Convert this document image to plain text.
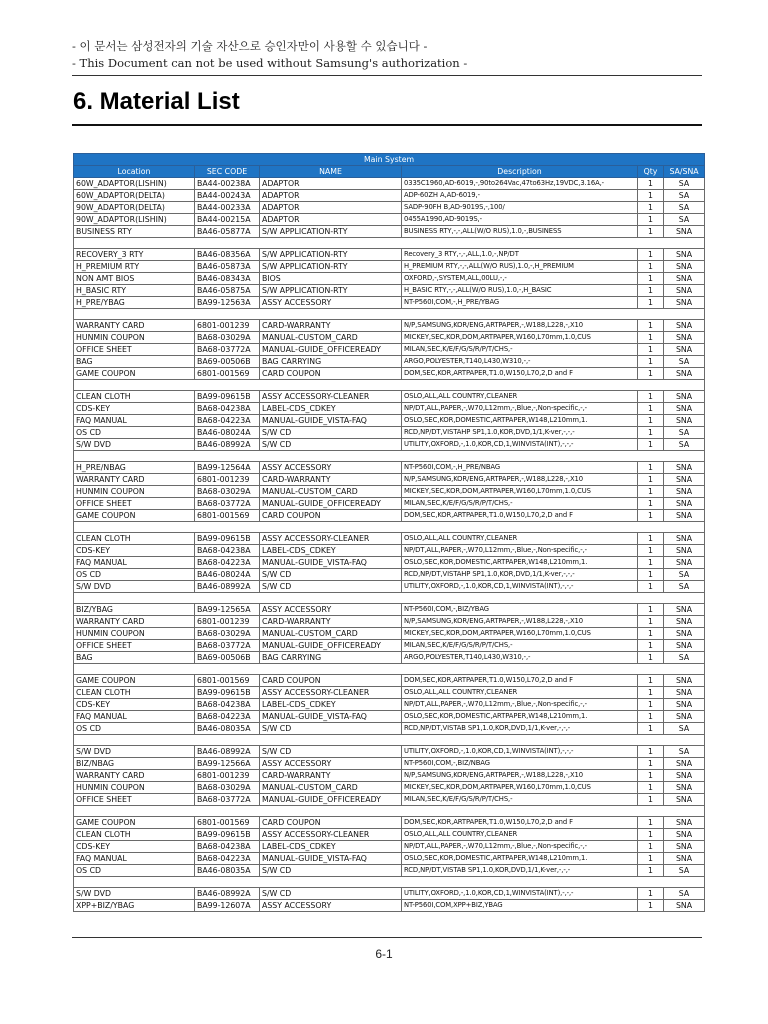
- 이 문서는 삼성전자의 기술 자산으로 승인자만이 사용할 수 있습니다 -
- This Document can not be used without Samsung's authorization -
6. Material List
Main System					
Location	SEC CODE	NAME	Description	Qty	SA/SNA
60W_ADAPTOR(LISHIN)	BA44-00238A	ADAPTOR	0335C1960,AD-6019,-,90to264Vac,47to63Hz,19VDC,3.16A,-	1	SA
60W_ADAPTOR(DELTA)	BA44-00243A	ADAPTOR	ADP-60ZH A,AD-6019,-	1	SA
90W_ADAPTOR(DELTA)	BA44-00233A	ADAPTOR	SADP-90FH B,AD-9019S,-,100/	1	SA
90W_ADAPTOR(LISHIN)	BA44-00215A	ADAPTOR	0455A1990,AD-9019S,-	1	SA
BUSINESS RTY	BA46-05877A	S/W APPLICATION-RTY	BUSINESS RTY,-,-,ALL(W/O RUS),1.0,-,BUSINESS	1	SNA

RECOVERY_3 RTY	BA46-08356A	S/W APPLICATION-RTY	Recovery_3 RTY,-,-,ALL,1.0,-,NP/DT	1	SNA
H_PREMIUM RTY	BA46-05873A	S/W APPLICATION-RTY	H_PREMIUM RTY,-,-,ALL(W/O RUS),1.0,-,H_PREMIUM	1	SNA
NON AMT BIOS	BA46-08343A	BIOS	OXFORD,-,SYSTEM,ALL,00LU,-,-	1	SNA
H_BASIC RTY	BA46-05875A	S/W APPLICATION-RTY	H_BASIC RTY,-,-,ALL(W/O RUS),1.0,-,H_BASIC	1	SNA
H_PRE/YBAG	BA99-12563A	ASSY ACCESSORY	NT-P560I,COM,-,H_PRE/YBAG	1	SNA

WARRANTY CARD	6801-001239	CARD-WARRANTY	N/P,SAMSUNG,KOR/ENG,ARTPAPER,-,W188,L228,-,X10	1	SNA
HUNMIN COUPON	BA68-03029A	MANUAL-CUSTOM_CARD	MICKEY,SEC,KOR,DOM,ARTPAPER,W160,L70mm,1.0,CUS	1	SNA
OFFICE SHEET	BA68-03772A	MANUAL-GUIDE_OFFICEREADY	MILAN,SEC,K/E/F/G/S/R/P/T/CHS,-	1	SNA
BAG	BA69-00506B	BAG CARRYING	ARGO,POLYESTER,T140,L430,W310,-,-	1	SA
GAME COUPON	6801-001569	CARD COUPON	DOM,SEC,KOR,ARTPAPER,T1.0,W150,L70,2,D and F	1	SNA

CLEAN CLOTH	BA99-09615B	ASSY ACCESSORY-CLEANER	OSLO,ALL,ALL COUNTRY,CLEANER	1	SNA
CDS-KEY	BA68-04238A	LABEL-CDS_CDKEY	NP/DT,ALL,PAPER,-,W70,L12mm,-,Blue,-,Non-specific,-,-	1	SNA
FAQ MANUAL	BA68-04223A	MANUAL-GUIDE_VISTA-FAQ	OSLO,SEC,KOR,DOMESTIC,ARTPAPER,W148,L210mm,1.	1	SNA
OS CD	BA46-08024A	S/W CD	RCD,NP/DT,VISTAHP SP1,1.0,KOR,DVD,1/1,K-ver,-,-,-	1	SA
S/W DVD	BA46-08992A	S/W CD	UTILITY,OXFORD,-,1.0,KOR,CD,1,WINVISTA(INT),-,-,-	1	SA

H_PRE/NBAG	BA99-12564A	ASSY ACCESSORY	NT-P560I,COM,-,H_PRE/NBAG	1	SNA
WARRANTY CARD	6801-001239	CARD-WARRANTY	N/P,SAMSUNG,KOR/ENG,ARTPAPER,-,W188,L228,-,X10	1	SNA
HUNMIN COUPON	BA68-03029A	MANUAL-CUSTOM_CARD	MICKEY,SEC,KOR,DOM,ARTPAPER,W160,L70mm,1.0,CUS	1	SNA
OFFICE SHEET	BA68-03772A	MANUAL-GUIDE_OFFICEREADY	MILAN,SEC,K/E/F/G/S/R/P/T/CHS,-	1	SNA
GAME COUPON	6801-001569	CARD COUPON	DOM,SEC,KOR,ARTPAPER,T1.0,W150,L70,2,D and F	1	SNA

CLEAN CLOTH	BA99-09615B	ASSY ACCESSORY-CLEANER	OSLO,ALL,ALL COUNTRY,CLEANER	1	SNA
CDS-KEY	BA68-04238A	LABEL-CDS_CDKEY	NP/DT,ALL,PAPER,-,W70,L12mm,-,Blue,-,Non-specific,-,-	1	SNA
FAQ MANUAL	BA68-04223A	MANUAL-GUIDE_VISTA-FAQ	OSLO,SEC,KOR,DOMESTIC,ARTPAPER,W148,L210mm,1.	1	SNA
OS CD	BA46-08024A	S/W CD	RCD,NP/DT,VISTAHP SP1,1.0,KOR,DVD,1/1,K-ver,-,-,-	1	SA
S/W DVD	BA46-08992A	S/W CD	UTILITY,OXFORD,-,1.0,KOR,CD,1,WINVISTA(INT),-,-,-	1	SA

BIZ/YBAG	BA99-12565A	ASSY ACCESSORY	NT-P560I,COM,-,BIZ/YBAG	1	SNA
WARRANTY CARD	6801-001239	CARD-WARRANTY	N/P,SAMSUNG,KOR/ENG,ARTPAPER,-,W188,L228,-,X10	1	SNA
HUNMIN COUPON	BA68-03029A	MANUAL-CUSTOM_CARD	MICKEY,SEC,KOR,DOM,ARTPAPER,W160,L70mm,1.0,CUS	1	SNA
OFFICE SHEET	BA68-03772A	MANUAL-GUIDE_OFFICEREADY	MILAN,SEC,K/E/F/G/S/R/P/T/CHS,-	1	SNA
BAG	BA69-00506B	BAG CARRYING	ARGO,POLYESTER,T140,L430,W310,-,-	1	SA

GAME COUPON	6801-001569	CARD COUPON	DOM,SEC,KOR,ARTPAPER,T1.0,W150,L70,2,D and F	1	SNA
CLEAN CLOTH	BA99-09615B	ASSY ACCESSORY-CLEANER	OSLO,ALL,ALL COUNTRY,CLEANER	1	SNA
CDS-KEY	BA68-04238A	LABEL-CDS_CDKEY	NP/DT,ALL,PAPER,-,W70,L12mm,-,Blue,-,Non-specific,-,-	1	SNA
FAQ MANUAL	BA68-04223A	MANUAL-GUIDE_VISTA-FAQ	OSLO,SEC,KOR,DOMESTIC,ARTPAPER,W148,L210mm,1.	1	SNA
OS CD	BA46-08035A	S/W CD	RCD,NP/DT,VISTAB SP1,1.0,KOR,DVD,1/1,K-ver,-,-,-	1	SA

S/W DVD	BA46-08992A	S/W CD	UTILITY,OXFORD,-,1.0,KOR,CD,1,WINVISTA(INT),-,-,-	1	SA
BIZ/NBAG	BA99-12566A	ASSY ACCESSORY	NT-P560I,COM,-,BIZ/NBAG	1	SNA
WARRANTY CARD	6801-001239	CARD-WARRANTY	N/P,SAMSUNG,KOR/ENG,ARTPAPER,-,W188,L228,-,X10	1	SNA
HUNMIN COUPON	BA68-03029A	MANUAL-CUSTOM_CARD	MICKEY,SEC,KOR,DOM,ARTPAPER,W160,L70mm,1.0,CUS	1	SNA
OFFICE SHEET	BA68-03772A	MANUAL-GUIDE_OFFICEREADY	MILAN,SEC,K/E/F/G/S/R/P/T/CHS,-	1	SNA

GAME COUPON	6801-001569	CARD COUPON	DOM,SEC,KOR,ARTPAPER,T1.0,W150,L70,2,D and F	1	SNA
CLEAN CLOTH	BA99-09615B	ASSY ACCESSORY-CLEANER	OSLO,ALL,ALL COUNTRY,CLEANER	1	SNA
CDS-KEY	BA68-04238A	LABEL-CDS_CDKEY	NP/DT,ALL,PAPER,-,W70,L12mm,-,Blue,-,Non-specific,-,-	1	SNA
FAQ MANUAL	BA68-04223A	MANUAL-GUIDE_VISTA-FAQ	OSLO,SEC,KOR,DOMESTIC,ARTPAPER,W148,L210mm,1.	1	SNA
OS CD	BA46-08035A	S/W CD	RCD,NP/DT,VISTAB SP1,1.0,KOR,DVD,1/1,K-ver,-,-,-	1	SA

S/W DVD	BA46-08992A	S/W CD	UTILITY,OXFORD,-,1.0,KOR,CD,1,WINVISTA(INT),-,-,-	1	SA
XPP+BIZ/YBAG	BA99-12607A	ASSY ACCESSORY	NT-P560I,COM,XPP+BIZ,YBAG	1	SNA
6-1
